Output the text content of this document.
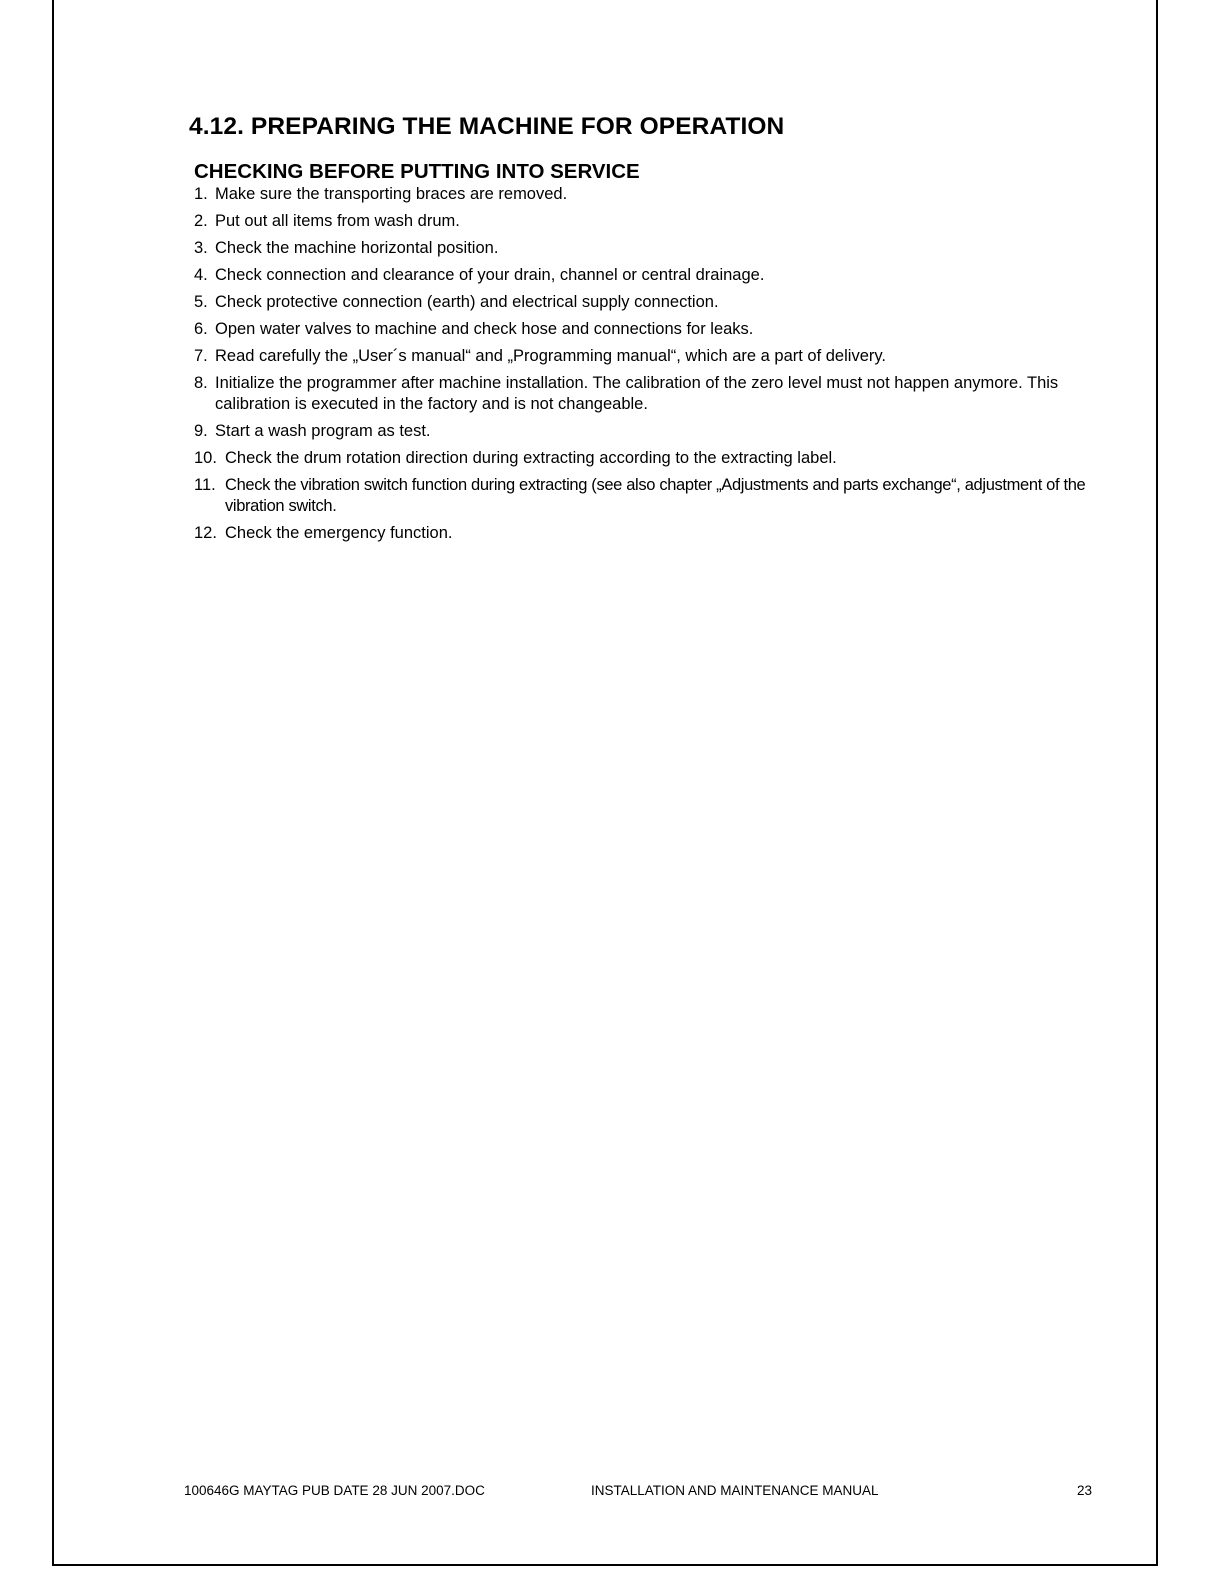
4.12. PREPARING THE MACHINE FOR OPERATION
CHECKING BEFORE PUTTING INTO SERVICE
1. Make sure the transporting braces are removed.
2. Put out all items from wash drum.
3. Check the machine horizontal position.
4. Check connection and clearance of your drain, channel or central drainage.
5. Check protective connection (earth) and electrical supply connection.
6. Open water valves to machine and check hose and connections for leaks.
7. Read carefully the „User´s manual“ and „Programming manual“, which are a part of delivery.
8. Initialize the programmer after machine installation. The calibration of the zero level must not happen anymore. This calibration is executed in the factory and is not changeable.
9. Start a wash program as test.
10. Check the drum rotation direction during extracting according to the extracting label.
11. Check the vibration switch function during extracting (see also chapter „Adjustments and parts exchange“, adjustment of the vibration switch.
12. Check the emergency function.
100646G MAYTAG PUB DATE 28 JUN 2007.DOC	INSTALLATION AND MAINTENANCE MANUAL	23
